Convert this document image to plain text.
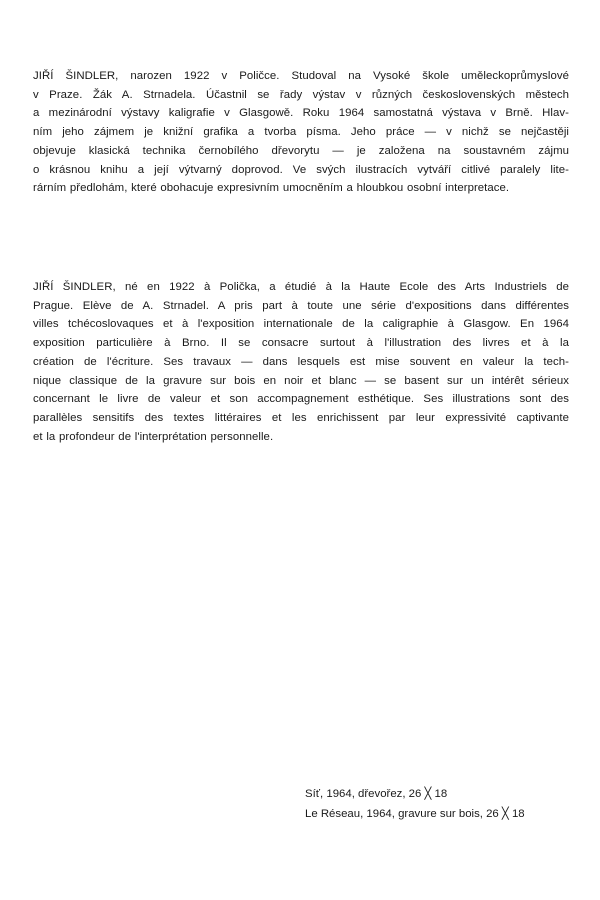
JIŘÍ ŠINDLER, narozen 1922 v Poličce. Studoval na Vysoké škole uměleckoprůmyslové
v Praze. Žák A. Strnadela. Účastnil se řady výstav v různých československých městech
a mezinárodní výstavy kaligrafie v Glasgowě. Roku 1964 samostatná výstava v Brně. Hlav-
ním jeho zájmem je knižní grafika a tvorba písma. Jeho práce — v nichž se nejčastěji
objevuje klasická technika černobílého dřevorytu — je založena na soustavném zájmu
o krásnou knihu a její výtvarný doprovod. Ve svých ilustracích vytváří citlivé paralely lite-
rárním předlohám, které obohacuje expresivním umocněním a hloubkou osobní interpretace.
JIŘÍ ŠINDLER, né en 1922 à Polička, a étudié à la Haute Ecole des Arts Industriels de
Prague. Elève de A. Strnadel. A pris part à toute une série d'expositions dans différentes
villes tchécoslovaques et à l'exposition internationale de la caligraphie à Glasgow. En 1964
exposition particulière à Brno. Il se consacre surtout à l'illustration des livres et à la
création de l'écriture. Ses travaux — dans lesquels est mise souvent en valeur la tech-
nique classique de la gravure sur bois en noir et blanc — se basent sur un intérêt sérieux
concernant le livre de valeur et son accompagnement esthétique. Ses illustrations sont des
parallèles sensitifs des textes littéraires et les enrichissent par leur expressivité captivante
et la profondeur de l'interprétation personnelle.

Síť, 1964, dřevořez, 26 ╳ 18

Le Réseau, 1964, gravure sur bois, 26 ╳ 18
